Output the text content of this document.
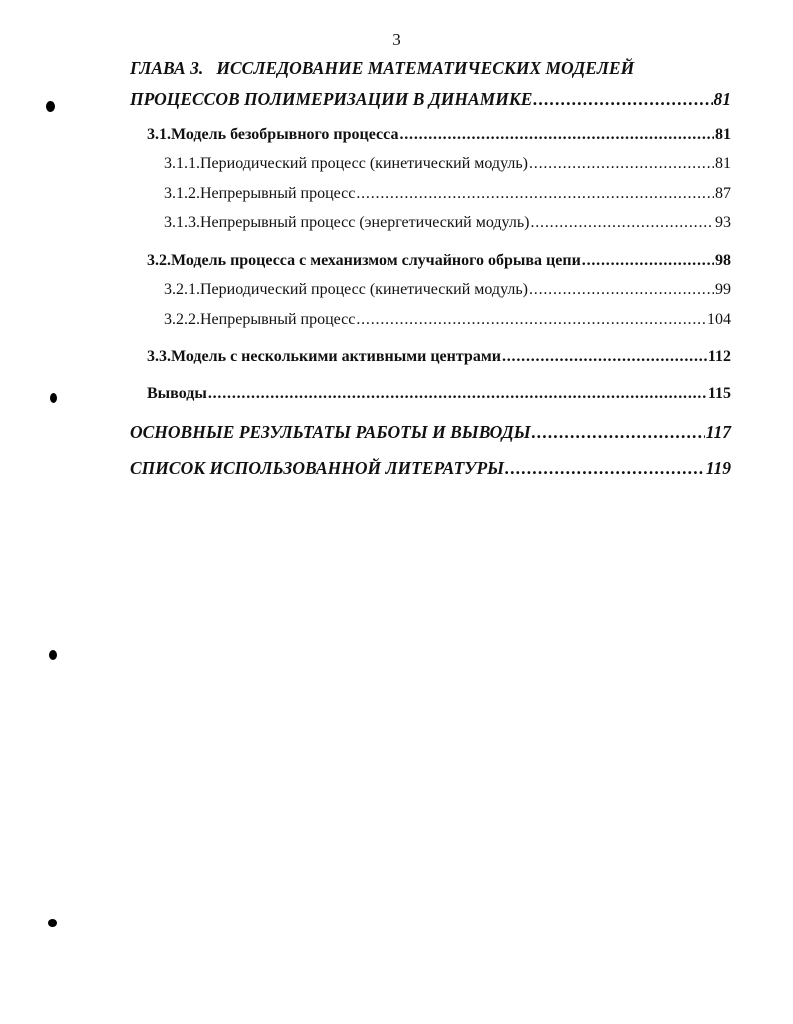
3
ГЛАВА 3.   ИССЛЕДОВАНИЕ МАТЕМАТИЧЕСКИХ МОДЕЛЕЙ
ПРОЦЕССОВ ПОЛИМЕРИЗАЦИИ В ДИНАМИКЕ . . .	81
3.1. Модель безобрывного процесса . . .	81
3.1.1. Периодический процесс (кинетический модуль) . . .	81
3.1.2. Непрерывный процесс . . .	87
3.1.3. Непрерывный процесс (энергетический модуль) . . .	93
3.2. Модель процесса с механизмом случайного обрыва цепи . . .	98
3.2.1. Периодический процесс (кинетический модуль) . . .	99
3.2.2. Непрерывный процесс . . .	104
3.3. Модель с несколькими активными центрами . . .	112
Выводы . . .	115
ОСНОВНЫЕ РЕЗУЛЬТАТЫ РАБОТЫ И ВЫВОДЫ . . .	117
СПИСОК ИСПОЛЬЗОВАННОЙ ЛИТЕРАТУРЫ . . .	119
